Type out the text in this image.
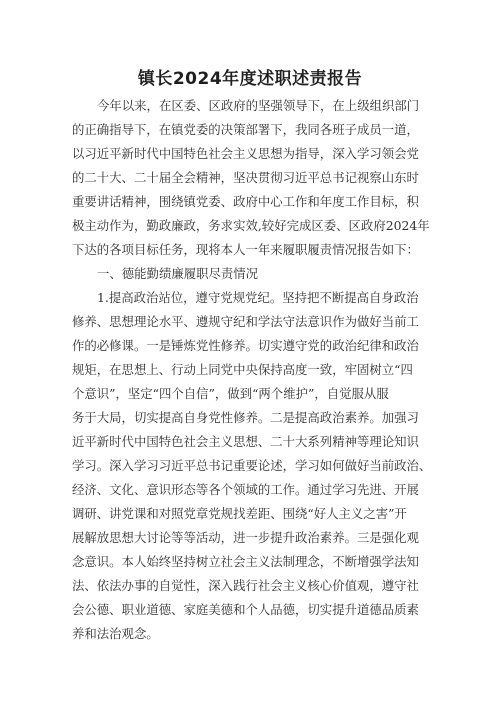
镇长2024年度述职述责报告
今年以来，在区委、区政府的坚强领导下，在上级组织部门
的正确指导下，在镇党委的决策部署下，我同各班子成员一道，
以习近平新时代中国特色社会主义思想为指导，深入学习领会党
的二十大、二十届全会精神，坚决贯彻习近平总书记视察山东时
重要讲话精神，围绕镇党委、政府中心工作和年度工作目标，积
极主动作为，勤政廉政，务求实效,较好完成区委、区政府2024年
下达的各项目标任务，现将本人一年来履职履责情况报告如下：
一、德能勤绩廉履职尽责情况
1.提高政治站位，遵守党规党纪。坚持把不断提高自身政治
修养、思想理论水平、遵规守纪和学法守法意识作为做好当前工
作的必修课。一是锤炼党性修养。切实遵守党的政治纪律和政治
规矩，在思想上、行动上同党中央保持高度一致，牢固树立“四
个意识”，坚定“四个自信”，做到“两个维护”，自觉服从服
务于大局，切实提高自身党性修养。二是提高政治素养。加强习
近平新时代中国特色社会主义思想、二十大系列精神等理论知识
学习。深入学习习近平总书记重要论述，学习如何做好当前政治、
经济、文化、意识形态等各个领域的工作。通过学习先进、开展
调研、讲党课和对照党章党规找差距、围绕“好人主义之害”开
展解放思想大讨论等等活动，进一步提升政治素养。三是强化观
念意识。本人始终坚持树立社会主义法制理念，不断增强学法知
法、依法办事的自觉性，深入践行社会主义核心价值观，遵守社
会公德、职业道德、家庭美德和个人品德，切实提升道德品质素
养和法治观念。
